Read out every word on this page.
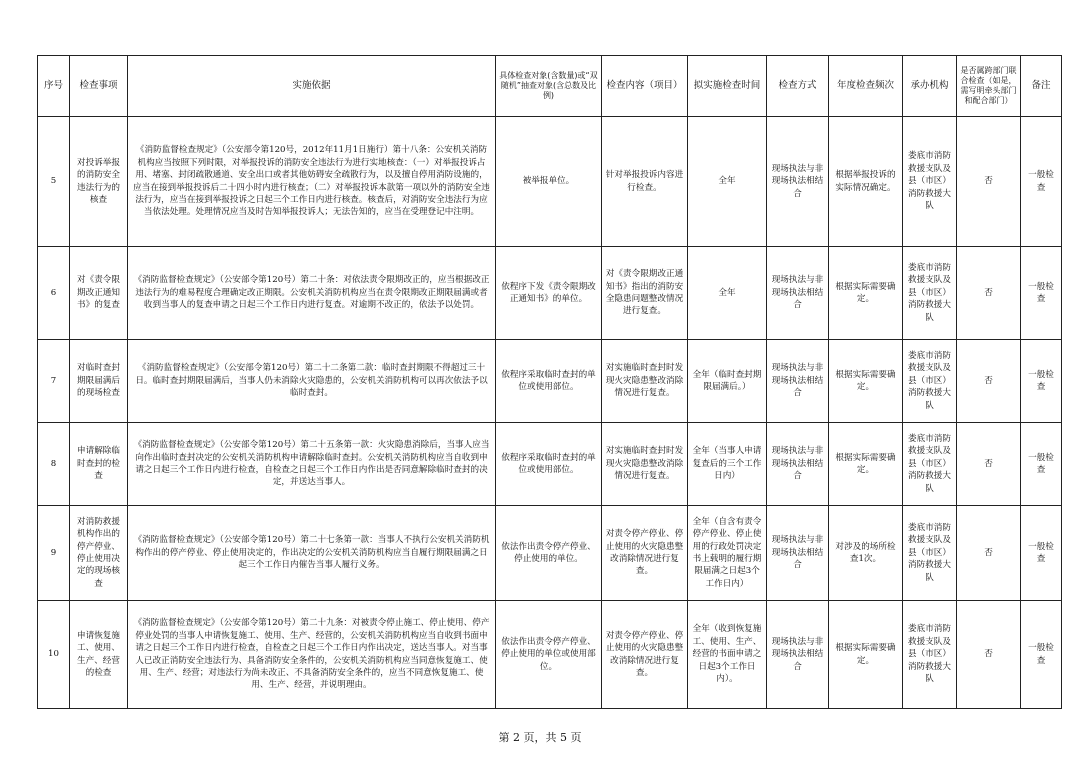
序号	检查事项	实施依据	具体检查对象(含数量)或“双随机”抽查对象(含总数及比例)	检查内容（项目）	拟实施检查时间	检查方式	年度检查频次	承办机构	是否属跨部门联合检查（如是，需写明牵头部门和配合部门）	备注
5	对投诉举报的消防安全违法行为的核查	《消防监督检查规定》（公安部令第120号，2012年11月1日施行）第十八条：公安机关消防机构应当按照下列时限，对举报投诉的消防安全违法行为进行实地核查：（一）对举报投诉占用、堵塞、封闭疏散通道、安全出口或者其他妨碍安全疏散行为，以及擅自停用消防设施的，应当在接到举报投诉后二十四小时内进行核查；（二）对举报投诉本款第一项以外的消防安全违法行为，应当在接到举报投诉之日起三个工作日内进行核查。核查后，对消防安全违法行为应当依法处理。处理情况应当及时告知举报投诉人；无法告知的，应当在受理登记中注明。	被举报单位。	针对举报投诉内容进行检查。	全年	现场执法与非现场执法相结合	根据举报投诉的实际情况确定。	娄底市消防救援支队及县（市区）消防救援大队	否	一般检查
6	对《责令限期改正通知书》的复查	《消防监督检查规定》（公安部令第120号）第二十条：对依法责令限期改正的，应当根据改正违法行为的难易程度合理确定改正期限。公安机关消防机构应当在责令限期改正期限届满或者收到当事人的复查申请之日起三个工作日内进行复查。对逾期不改正的，依法予以处罚。	依程序下发《责令限期改正通知书》的单位。	对《责令限期改正通知书》指出的消防安全隐患问题整改情况进行复查。	全年	现场执法与非现场执法相结合	根据实际需要确定。	娄底市消防救援支队及县（市区）消防救援大队	否	一般检查
7	对临时查封期限届满后的现场检查	《消防监督检查规定》（公安部令第120号）第二十二条第二款：临时查封期限不得超过三十日。临时查封期限届满后，当事人仍未消除火灾隐患的，公安机关消防机构可以再次依法予以临时查封。	依程序采取临时查封的单位或使用部位。	对实施临时查封时发现火灾隐患整改消除情况进行复查。	全年（临时查封期限届满后。）	现场执法与非现场执法相结合	根据实际需要确定。	娄底市消防救援支队及县（市区）消防救援大队	否	一般检查
8	申请解除临时查封的检查	《消防监督检查规定》（公安部令第120号）第二十五条第一款：火灾隐患消除后，当事人应当向作出临时查封决定的公安机关消防机构申请解除临时查封。公安机关消防机构应当自收到申请之日起三个工作日内进行检查，自检查之日起三个工作日内作出是否同意解除临时查封的决定，并送达当事人。	依程序采取临时查封的单位或使用部位。	对实施临时查封时发现火灾隐患整改消除情况进行复查。	全年（当事人申请复查后的三个工作日内）	现场执法与非现场执法相结合	根据实际需要确定。	娄底市消防救援支队及县（市区）消防救援大队	否	一般检查
9	对消防救援机构作出的停产停业、停止使用决定的现场核查	《消防监督检查规定》（公安部令第120号）第二十七条第一款：当事人不执行公安机关消防机构作出的停产停业、停止使用决定的，作出决定的公安机关消防机构应当自履行期限届满之日起三个工作日内催告当事人履行义务。	依法作出责令停产停业、停止使用的单位。	对责令停产停业、停止使用的火灾隐患整改消除情况进行复查。	全年（自含有责令停产停业、停止使用的行政处罚决定书上载明的履行期限届满之日起3个工作日内）	现场执法与非现场执法相结合	对涉及的场所检查1次。	娄底市消防救援支队及县（市区）消防救援大队	否	一般检查
10	申请恢复施工、使用、生产、经营的检查	《消防监督检查规定》（公安部令第120号）第二十九条：对被责令停止施工、停止使用、停产停业处罚的当事人申请恢复施工、使用、生产、经营的，公安机关消防机构应当自收到书面申请之日起三个工作日内进行检查，自检查之日起三个工作日内作出决定，送达当事人。对当事人已改正消防安全违法行为、具备消防安全条件的，公安机关消防机构应当同意恢复施工、使用、生产、经营；对违法行为尚未改正、不具备消防安全条件的，应当不同意恢复施工、使用、生产、经营，并说明理由。	依法作出责令停产停业、停止使用的单位或使用部位。	对责令停产停业、停止使用的火灾隐患整改消除情况进行复查。	全年（收到恢复施工、使用、生产、经营的书面申请之日起3个工作日内）。	现场执法与非现场执法相结合	根据实际需要确定。	娄底市消防救援支队及县（市区）消防救援大队	否	一般检查
第 2 页，共 5 页
